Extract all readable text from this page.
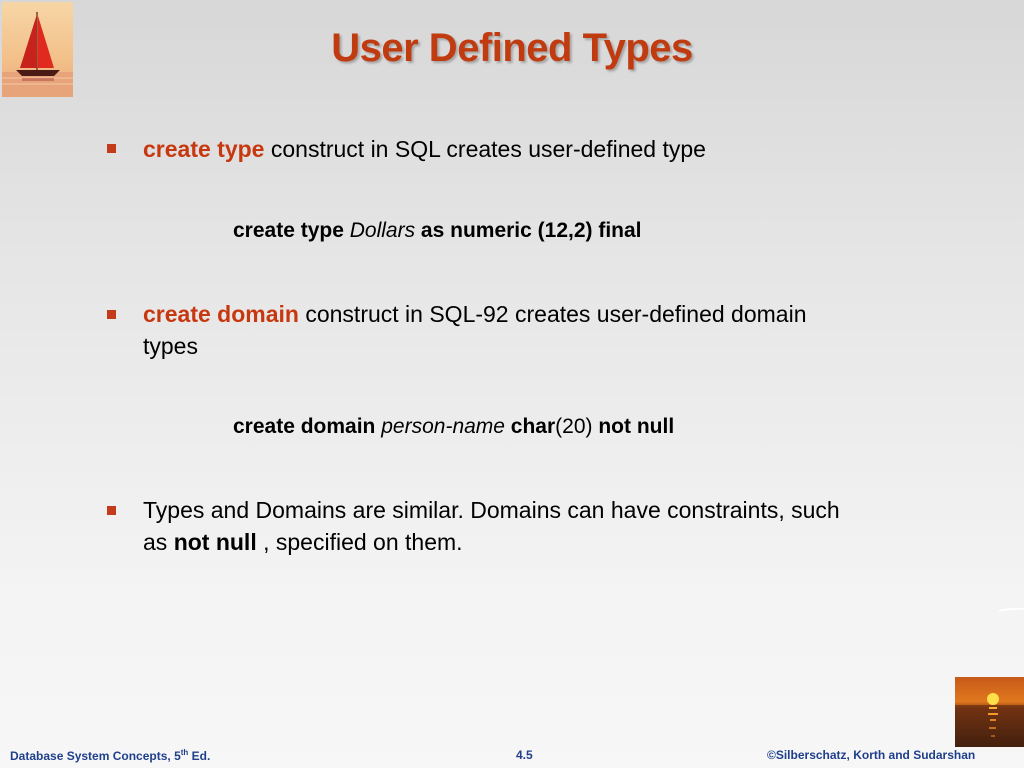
User Defined Types
create type construct in SQL creates user-defined type
create type Dollars as numeric (12,2) final
create domain construct in SQL-92 creates user-defined domain
types
create domain person-name char(20) not null
Types and Domains are similar. Domains can have constraints, such
as not null , specified on them.
Database System Concepts, 5th Ed.	4.5	©Silberschatz, Korth and Sudarshan
